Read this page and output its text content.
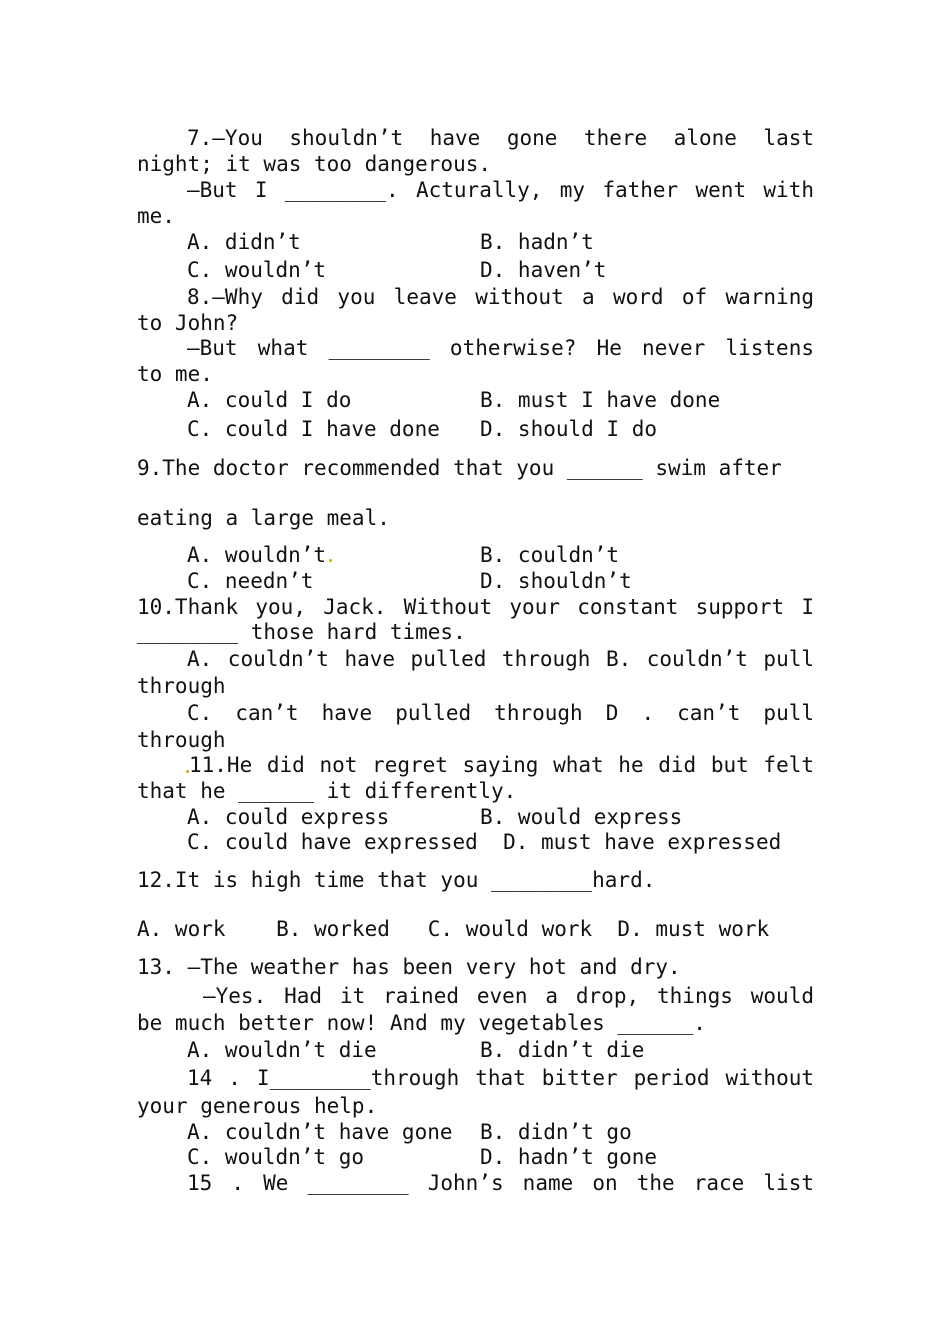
7.—You shouldn’t have gone there alone last
night; it was too dangerous.
—But I ________. Acturally, my father went with
me.
A. didn’t	B. hadn’t
C. wouldn’t	D. haven’t
8.—Why did you leave without a word of warning
to John?
—But what ________ otherwise? He never listens
to me.
A. could I do	B. must I have done
C. could I have done D. should I do
9.The doctor recommended that you ______ swim after
eating a large meal.
A. wouldn’t	B. couldn’t
C. needn’t	D. shouldn’t
10.Thank you, Jack. Without your constant support I
________ those hard times.
A. couldn’t have pulled through B. couldn’t pull
through
C. can’t have pulled through D . can’t pull
through
11.He did not regret saying what he did but felt
that he ______ it differently.
A. could express	B. would express
C. could have expressed  D. must have expressed
12.It is high time that you ________hard.
A. work    B. worked   C. would work  D. must work
13. —The weather has been very hot and dry.
—Yes. Had it rained even a drop, things would
be much better now! And my vegetables ______.
A. wouldn’t die	B. didn’t die
14 . I________through that bitter period without
your generous help.
A. couldn’t have gone B. didn’t go
C. wouldn’t go	D. hadn’t gone
15 . We ________ John’s name on the race list
